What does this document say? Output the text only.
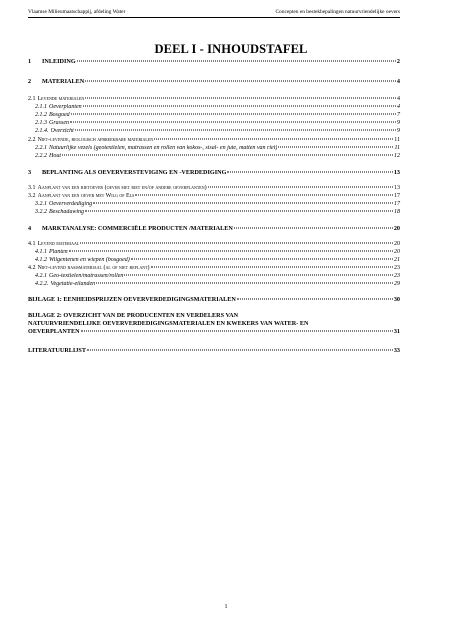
Vlaamse Milieumaatschappij, afdeling Water	Concepten en bestekbepalingen natuurvriendelijke oevers
DEEL I - INHOUDSTAFEL
1	INLEIDING	2
2	MATERIALEN	4
2.1 Levende materialen	4
2.1.1 Oeverplanten	4
2.1.2 Bosgoed	7
2.1.3 Grassen	9
2.1.4. Overzicht	9
2.2 Niet-levende, biologisch afbreekbare materialen	11
2.2.1 Natuurlijke vezels (geotextielen, matrassen en rollen van kokos-, sisal- en jute, matten van riet)	11
2.2.2 Hout	12
3	BEPLANTING ALS OEVERVERSTEVIGING EN -VERDEDIGING	13
3.1 Aanplant van een rietoever (oever met riet en/of andere oeverplanten)	13
3.2 Aanplant van een oever met Wilg of Els	17
3.2.1 Oeververdediging	17
3.2.2 Beschaduwing	18
4	MARKTANALYSE: COMMERCIËLE PRODUCTEN /MATERIALEN	20
4.1 Levend materiaal	20
4.1.1 Planten	20
4.1.2 Wilgentenen en wiepen (bosgoed)	21
4.2 Niet-levend basismateriaal (al of niet beplant)	23
4.2.1 Geo-textielen/matrassen/rollen	23
4.2.2. Vegetatie-eilanden	29
BIJLAGE 1: EENHEIDSPRIJZEN OEVERVERDEDIGINGSMATERIALEN	30
BIJLAGE 2: OVERZICHT VAN DE PRODUCENTEN EN VERDELERS VAN
NATUURVRIENDELIJKE OEVERVERDEDIGINGSMATERIALEN EN KWEKERS VAN WATER- EN
OEVERPLANTEN	31
LITERATUURLIJST	33
1
